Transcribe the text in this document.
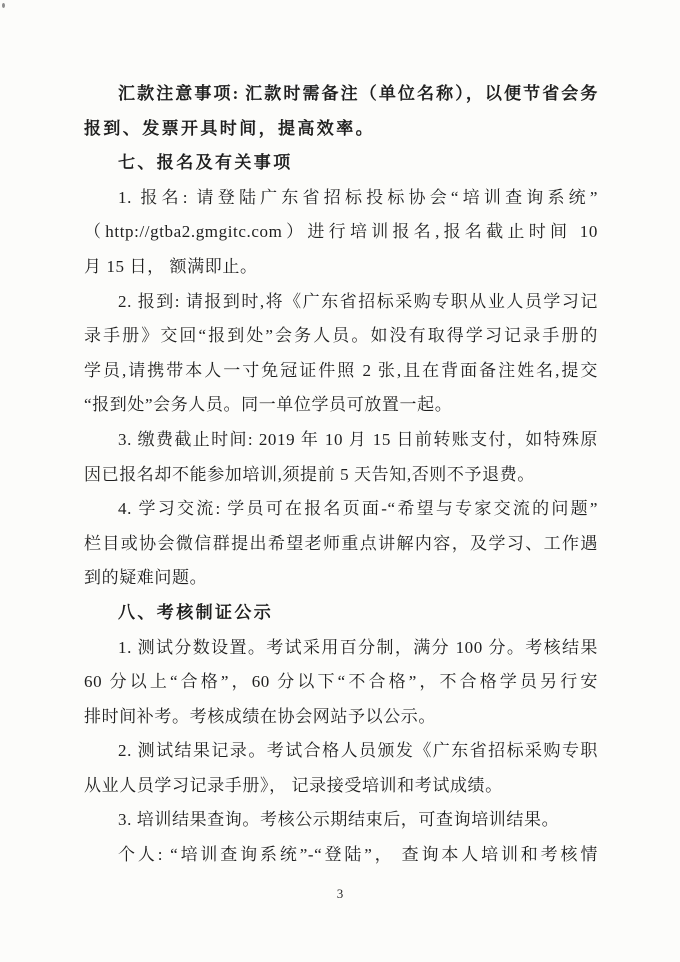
汇款注意事项: 汇款时需备注（单位名称），以便节省会务
报到、发票开具时间，提高效率。
七、报名及有关事项
1. 报名: 请登陆广东省招标投标协会“培训查询系统”
（http://gtba2.gmgitc.com）进行培训报名,报名截止时间 10
月 15 日， 额满即止。
2. 报到: 请报到时,将《广东省招标采购专职从业人员学习记
录手册》交回“报到处”会务人员。如没有取得学习记录手册的
学员,请携带本人一寸免冠证件照 2 张,且在背面备注姓名,提交
“报到处”会务人员。同一单位学员可放置一起。
3. 缴费截止时间: 2019 年 10 月 15 日前转账支付，如特殊原
因已报名却不能参加培训,须提前 5 天告知,否则不予退费。
4. 学习交流: 学员可在报名页面-“希望与专家交流的问题”
栏目或协会微信群提出希望老师重点讲解内容，及学习、工作遇
到的疑难问题。
八、考核制证公示
1. 测试分数设置。考试采用百分制，满分 100 分。考核结果
60 分以上“合格”，60 分以下“不合格”，不合格学员另行安
排时间补考。考核成绩在协会网站予以公示。
2. 测试结果记录。考试合格人员颁发《广东省招标采购专职
从业人员学习记录手册》， 记录接受培训和考试成绩。
3. 培训结果查询。考核公示期结束后，可查询培训结果。
个人: “培训查询系统”-“登陆”， 查询本人培训和考核情
3
